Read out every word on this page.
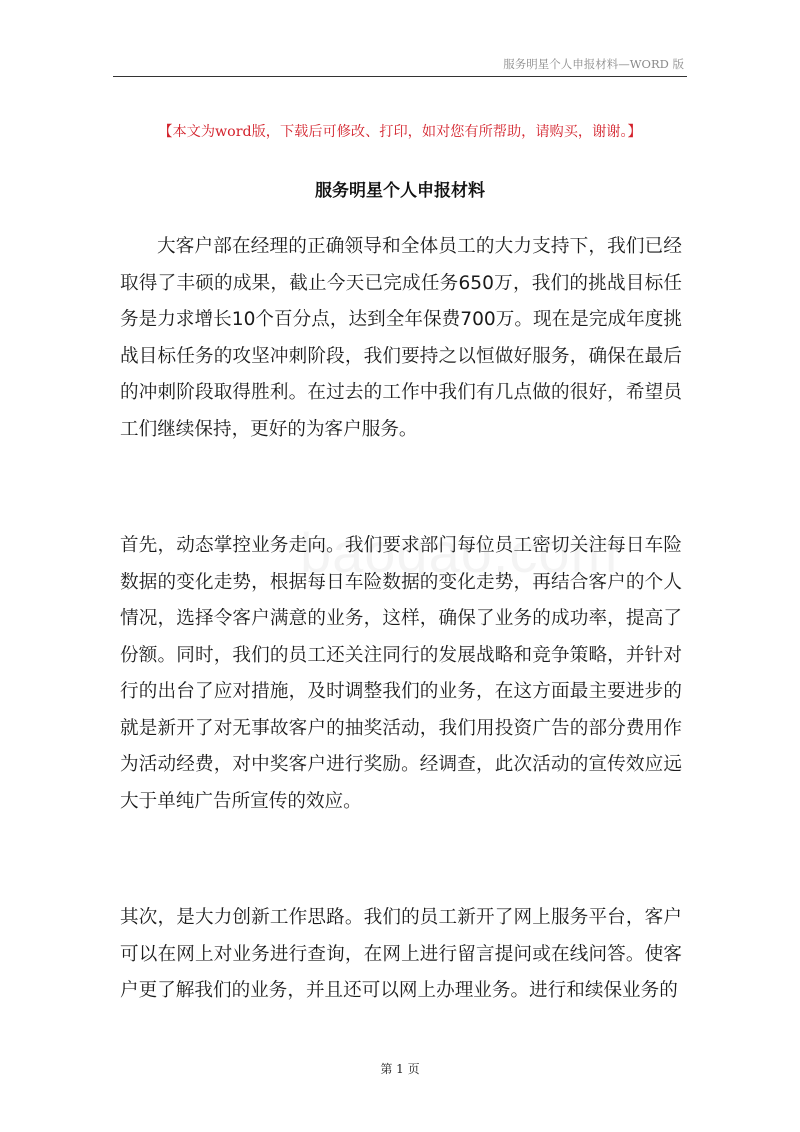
服务明星个人申报材料—WORD 版
【本文为word版，下载后可修改、打印，如对您有所帮助，请购买，谢谢。】
服务明星个人申报材料

大客户部在经理的正确领导和全体员工的大力支持下，我们已经取得了丰硕的成果，截止今天已完成任务650万，我们的挑战目标任务是力求增长10个百分点，达到全年保费700万。现在是完成年度挑战目标任务的攻坚冲刺阶段，我们要持之以恒做好服务，确保在最后的冲刺阶段取得胜利。在过去的工作中我们有几点做的很好，希望员工们继续保持，更好的为客户服务。

首先，动态掌控业务走向。我们要求部门每位员工密切关注每日车险数据的变化走势，根据每日车险数据的变化走势，再结合客户的个人情况，选择令客户满意的业务，这样，确保了业务的成功率，提高了份额。同时，我们的员工还关注同行的发展战略和竞争策略，并针对行的出台了应对措施，及时调整我们的业务，在这方面最主要进步的就是新开了对无事故客户的抽奖活动，我们用投资广告的部分费用作为活动经费，对中奖客户进行奖励。经调查，此次活动的宣传效应远大于单纯广告所宣传的效应。

其次，是大力创新工作思路。我们的员工新开了网上服务平台，客户可以在网上对业务进行查询，在网上进行留言提问或在线问答。使客户更了解我们的业务，并且还可以网上办理业务。进行和续保业务的

第 1 页
